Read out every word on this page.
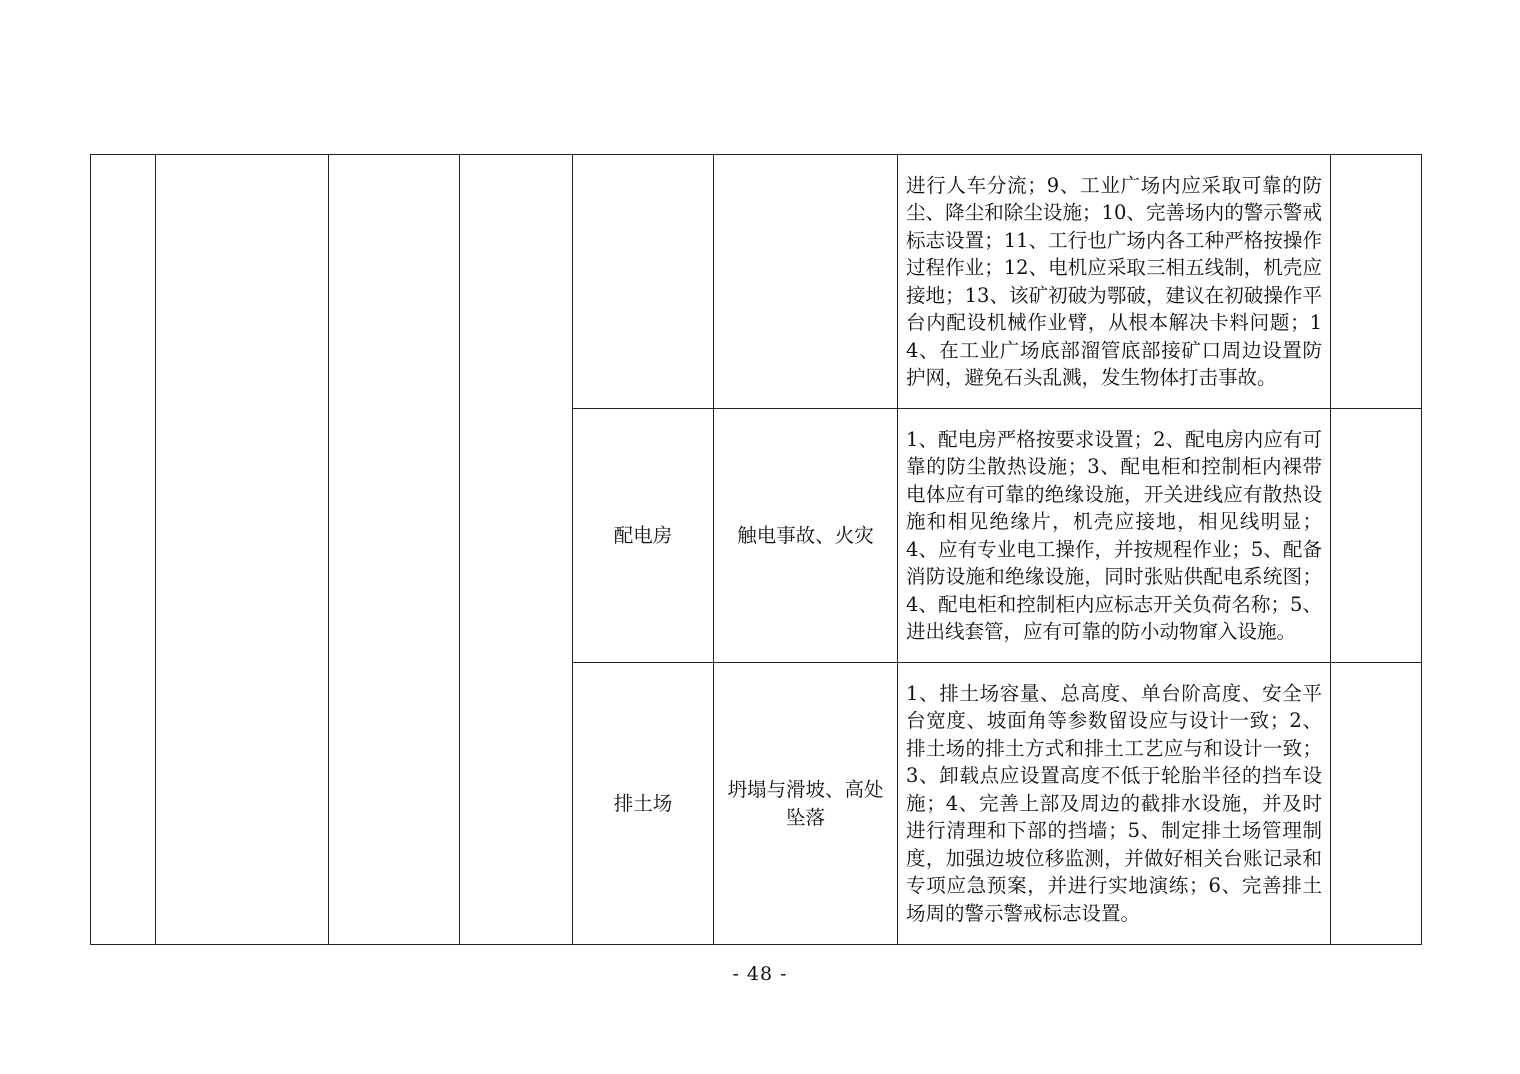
						进行人车分流；9、工业广场内应采取可靠的防尘、降尘和除尘设施；10、完善场内的警示警戒标志设置；11、工行也广场内各工种严格按操作过程作业；12、电机应采取三相五线制，机壳应接地；13、该矿初破为鄂破，建议在初破操作平台内配设机械作业臂，从根本解决卡料问题；14、在工业广场底部溜管底部接矿口周边设置防护网，避免石头乱溅，发生物体打击事故。	
				配电房	触电事故、火灾	1、配电房严格按要求设置；2、配电房内应有可靠的防尘散热设施；3、配电柜和控制柜内裸带电体应有可靠的绝缘设施，开关进线应有散热设施和相见绝缘片，机壳应接地，相见线明显；4、应有专业电工操作，并按规程作业；5、配备消防设施和绝缘设施，同时张贴供配电系统图；4、配电柜和控制柜内应标志开关负荷名称；5、进出线套管，应有可靠的防小动物窜入设施。	
				排土场	坍塌与滑坡、高处坠落	1、排土场容量、总高度、单台阶高度、安全平台宽度、坡面角等参数留设应与设计一致；2、排土场的排土方式和排土工艺应与和设计一致；3、卸载点应设置高度不低于轮胎半径的挡车设施；4、完善上部及周边的截排水设施，并及时进行清理和下部的挡墙；5、制定排土场管理制度，加强边坡位移监测，并做好相关台账记录和专项应急预案，并进行实地演练；6、完善排土场周的警示警戒标志设置。	
- 48 -
